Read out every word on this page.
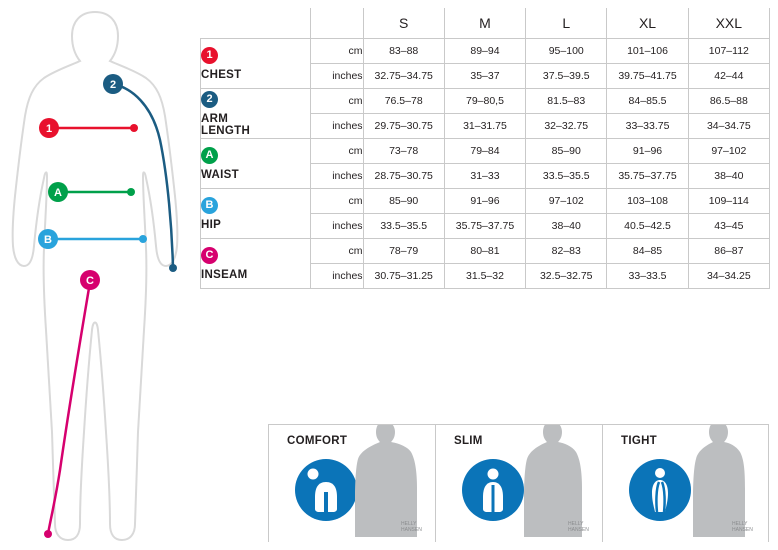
1
2
A
B
C
		S	M	L	XL	XXL
1
CHEST	cm	83–88	89–94	95–100	101–106	107–112
	inches	32.75–34.75	35–37	37.5–39.5	39.75–41.75	42–44
2
ARM
LENGTH	cm	76.5–78	79–80,5	81.5–83	84–85.5	86.5–88
	inches	29.75–30.75	31–31.75	32–32.75	33–33.75	34–34.75
A
WAIST	cm	73–78	79–84	85–90	91–96	97–102
	inches	28.75–30.75	31–33	33.5–35.5	35.75–37.75	38–40
B
HIP	cm	85–90	91–96	97–102	103–108	109–114
	inches	33.5–35.5	35.75–37.75	38–40	40.5–42.5	43–45
C
INSEAM	cm	78–79	80–81	82–83	84–85	86–87
	inches	30.75–31.25	31.5–32	32.5–32.75	33–33.5	34–34.25
COMFORT
HELLY
HANSEN
SLIM
HELLY
HANSEN
TIGHT
HELLY
HANSEN
